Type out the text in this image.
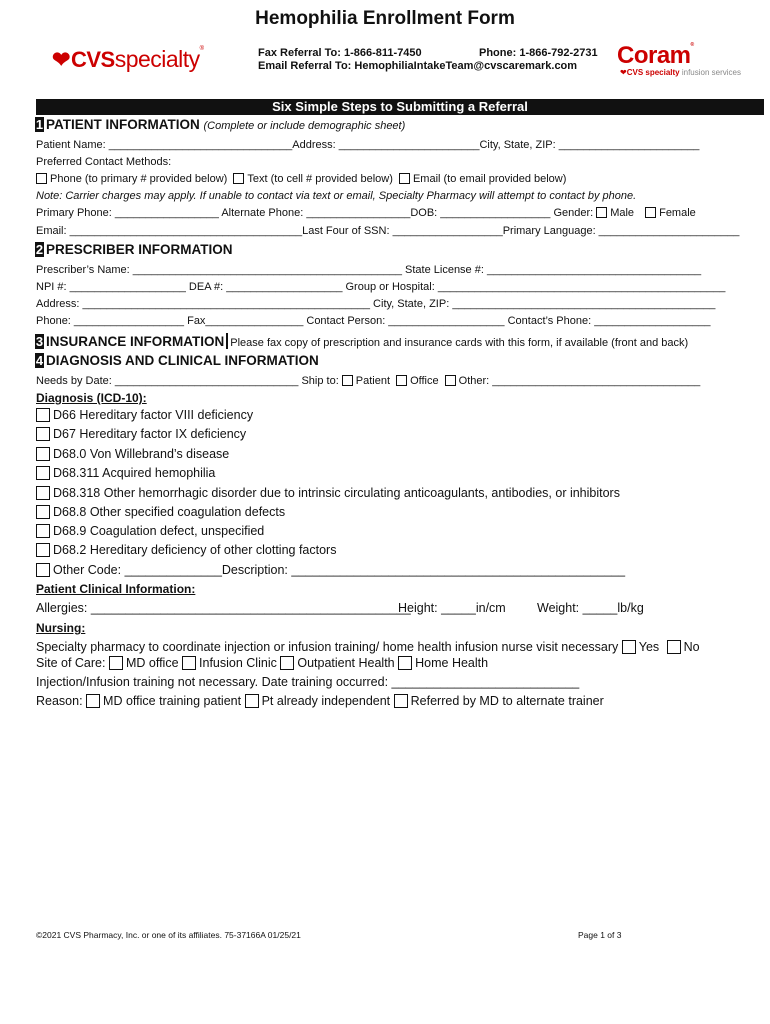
Hemophilia Enrollment Form
❤CVSspecialty®	Fax Referral To: 1-866-811-7450	Phone: 1-866-792-2731
Email Referral To: HemophiliaIntakeTeam@cvscaremark.com Coram®
❤CVS specialty infusion services
Six Simple Steps to Submitting a Referral
1 PATIENT INFORMATION (Complete or include demographic sheet)
Patient Name: ______________________________Address: _______________________City, State, ZIP: _______________________
Preferred Contact Methods:
Phone (to primary # provided below) Text (to cell # provided below) Email (to email provided below)
Note: Carrier charges may apply. If unable to contact via text or email, Specialty Pharmacy will attempt to contact by phone.
Primary Phone: _________________ Alternate Phone: _________________DOB: __________________ Gender: Male Female
Email: ______________________________________Last Four of SSN: __________________Primary Language: _______________________
2 PRESCRIBER INFORMATION
Prescriber’s Name: ____________________________________________ State License #: ___________________________________
NPI #: ___________________ DEA #: ___________________ Group or Hospital: _______________________________________________
Address: _______________________________________________ City, State, ZIP: ___________________________________________
Phone: __________________ Fax________________ Contact Person: ___________________ Contact’s Phone: ___________________
3 INSURANCE INFORMATION Please fax copy of prescription and insurance cards with this form, if available (front and back)
4 DIAGNOSIS AND CLINICAL INFORMATION
Needs by Date: ______________________________ Ship to: Patient Office Other: __________________________________
Diagnosis (ICD-10):
D66 Hereditary factor VIII deficiency
D67 Hereditary factor IX deficiency
D68.0 Von Willebrand’s disease
D68.311 Acquired hemophilia
D68.318 Other hemorrhagic disorder due to intrinsic circulating anticoagulants, antibodies, or inhibitors
D68.8 Other specified coagulation defects
D68.9 Coagulation defect, unspecified
D68.2 Hereditary deficiency of other clotting factors
Other Code: ______________Description: ________________________________________________
Patient Clinical Information:
Allergies: ______________________________________________
Height: _____in/cm	Weight: _____lb/kg
Nursing:
Specialty pharmacy to coordinate injection or infusion training/ home health infusion nurse visit necessary Yes No
Site of Care: MD office Infusion Clinic Outpatient Health Home Health
Injection/Infusion training not necessary. Date training occurred: ___________________________
Reason: MD office training patient Pt already independent Referred by MD to alternate trainer
©2021 CVS Pharmacy, Inc. or one of its affiliates. 75-37166A 01/25/21	Page 1 of 3
